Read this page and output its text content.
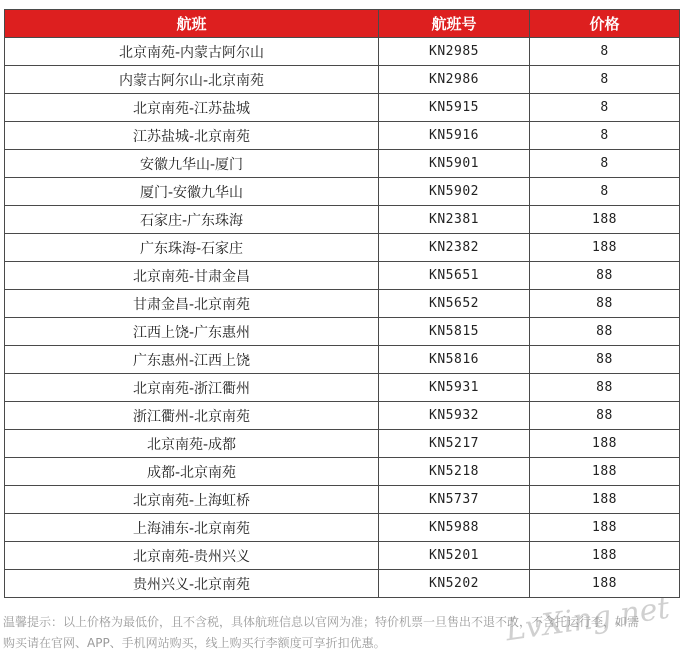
航班	航班号	价格
北京南苑-内蒙古阿尔山	KN2985	8
内蒙古阿尔山-北京南苑	KN2986	8
北京南苑-江苏盐城	KN5915	8
江苏盐城-北京南苑	KN5916	8
安徽九华山-厦门	KN5901	8
厦门-安徽九华山	KN5902	8
石家庄-广东珠海	KN2381	188
广东珠海-石家庄	KN2382	188
北京南苑-甘肃金昌	KN5651	88
甘肃金昌-北京南苑	KN5652	88
江西上饶-广东惠州	KN5815	88
广东惠州-江西上饶	KN5816	88
北京南苑-浙江衢州	KN5931	88
浙江衢州-北京南苑	KN5932	88
北京南苑-成都	KN5217	188
成都-北京南苑	KN5218	188
北京南苑-上海虹桥	KN5737	188
上海浦东-北京南苑	KN5988	188
北京南苑-贵州兴义	KN5201	188
贵州兴义-北京南苑	KN5202	188
温馨提示：以上价格为最低价，且不含税，具体航班信息以官网为准；特价机票一旦售出不退不改，不含托运行李，如需
购买请在官网、APP、手机网站购买，线上购买行李额度可享折扣优惠。	LvXing.net
